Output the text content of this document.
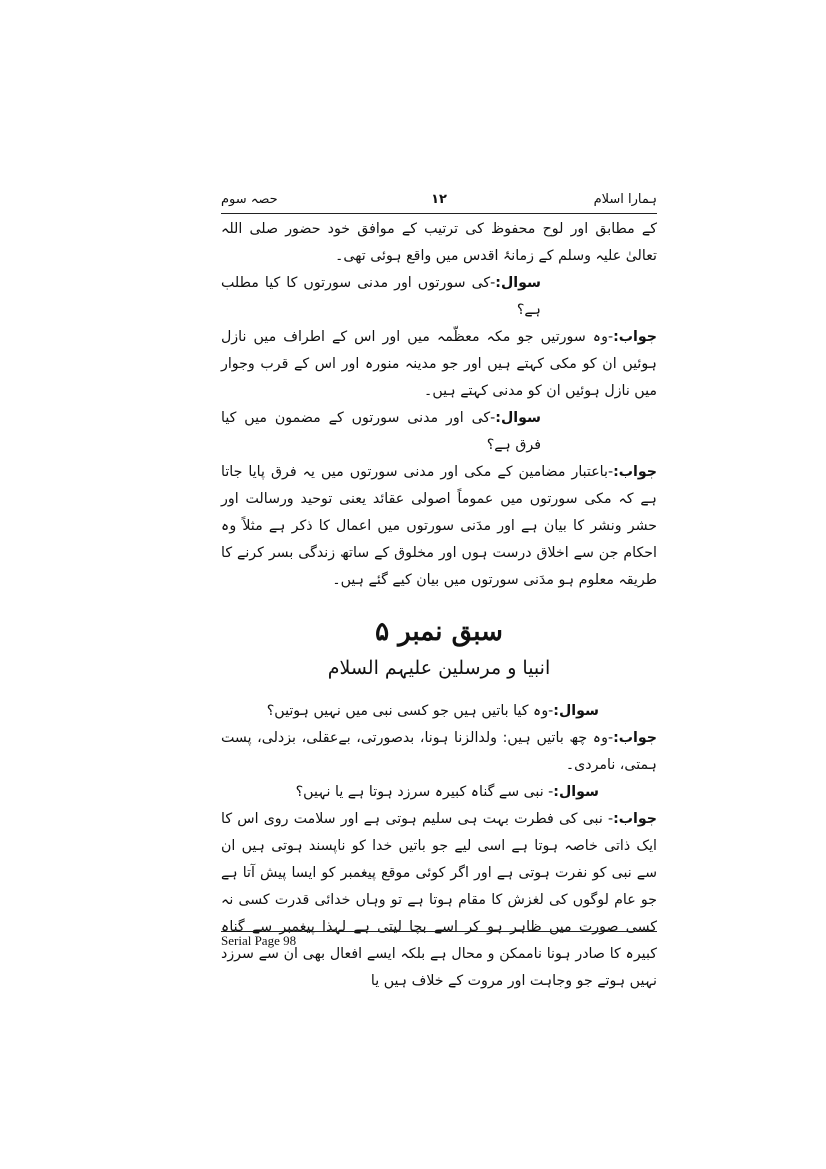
ہمارا اسلام
۱۲
حصہ سوم

کے مطابق اور لوح محفوظ کی ترتیب کے موافق خود حضور صلی اللہ تعالیٰ علیہ وسلم کے زمانۂ اقدس میں واقع ہوئی تھی۔

سوال:-کی سورتوں اور مدنی سورتوں کا کیا مطلب ہے؟

جواب:-وہ سورتیں جو مکہ معظّمہ میں اور اس کے اطراف میں نازل ہوئیں ان کو مکی کہتے ہیں اور جو مدینہ منورہ اور اس کے قرب وجوار میں نازل ہوئیں ان کو مدنی کہتے ہیں۔

سوال:-کی اور مدنی سورتوں کے مضمون میں کیا فرق ہے؟

جواب:-باعتبار مضامین کے مکی اور مدنی سورتوں میں یہ فرق پایا جاتا ہے کہ مکی سورتوں میں عموماً اصولی عقائد یعنی توحید ورسالت اور حشر ونشر کا بیان ہے اور مدَنی سورتوں میں اعمال کا ذکر ہے مثلاً وہ احکام جن سے اخلاق درست ہوں اور مخلوق کے ساتھ زندگی بسر کرنے کا طریقہ معلوم ہو مدَنی سورتوں میں بیان کیے گئے ہیں۔

سبق نمبر ۵
انبیا و مرسلین علیہم السلام

سوال:-وہ کیا باتیں ہیں جو کسی نبی میں نہیں ہوتیں؟

جواب:-وہ چھ باتیں ہیں: ولدالزنا ہونا، بدصورتی، بےعقلی، بزدلی، پست ہمتی، نامردی۔

سوال:- نبی سے گناہ کبیرہ سرزد ہوتا ہے یا نہیں؟

جواب:- نبی کی فطرت بہت ہی سلیم ہوتی ہے اور سلامت روی اس کا ایک ذاتی خاصہ ہوتا ہے اسی لیے جو باتیں خدا کو ناپسند ہوتی ہیں ان سے نبی کو نفرت ہوتی ہے اور اگر کوئی موقع پیغمبر کو ایسا پیش آتا ہے جو عام لوگوں کی لغزش کا مقام ہوتا ہے تو وہاں خدائی قدرت کسی نہ کسی صورت میں ظاہر ہو کر اسے بچا لیتی ہے لہذا پیغمبر سے گناہ کبیرہ کا صادر ہونا ناممکن و محال ہے بلکہ ایسے افعال بھی ان سے سرزد نہیں ہوتے جو وجاہت اور مروت کے خلاف ہیں یا

Serial Page 98
